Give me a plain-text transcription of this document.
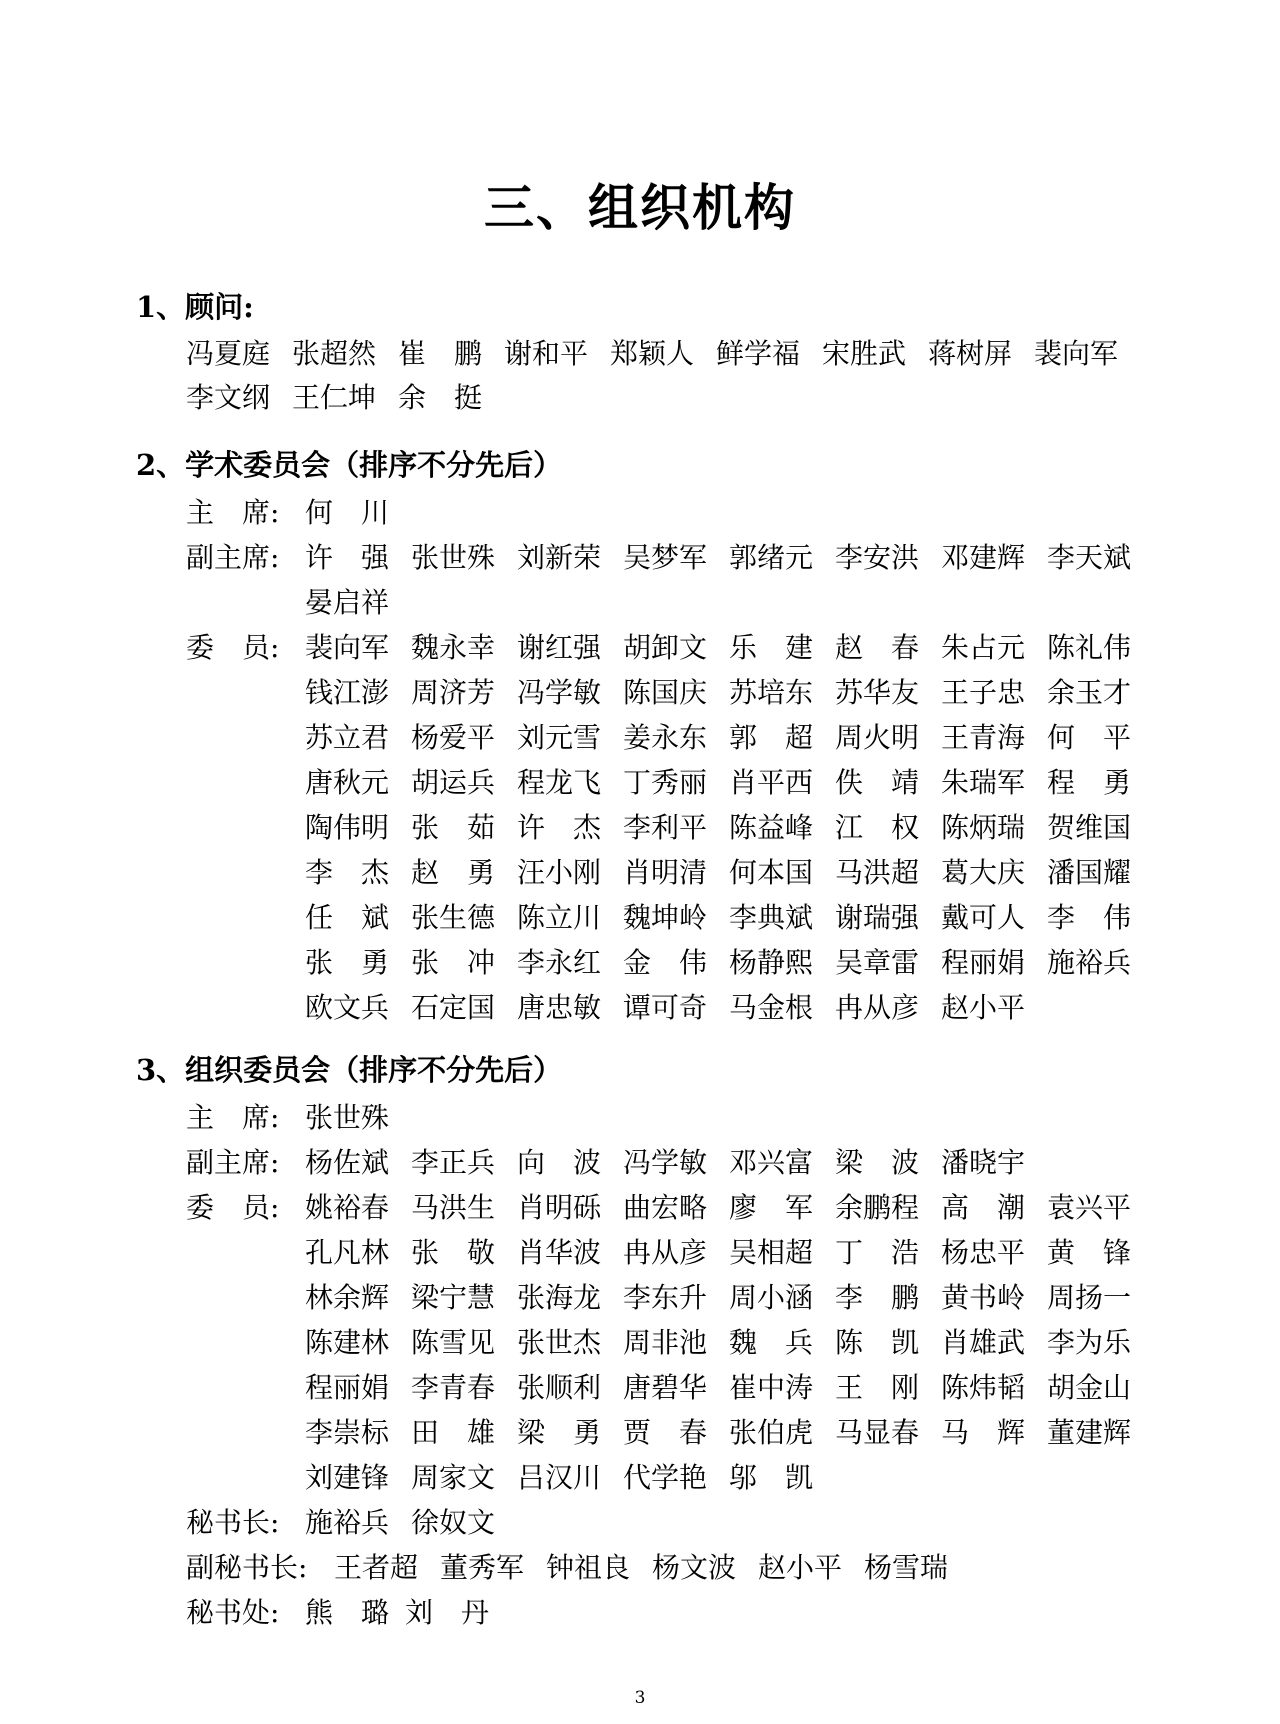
三、组织机构
1、顾问:
冯夏庭 张超然 崔　鹏 谢和平 郑颖人 鲜学福 宋胜武 蒋树屏 裴向军
李文纲 王仁坤 余　挺
2、学术委员会（排序不分先后）
主　席: 何　川
副主席: 许　强 张世殊 刘新荣 吴梦军 郭绪元 李安洪 邓建辉 李天斌
晏启祥
委　员: 裴向军 魏永幸 谢红强 胡卸文 乐　建 赵　春 朱占元 陈礼伟
钱江澎 周济芳 冯学敏 陈国庆 苏培东 苏华友 王子忠 余玉才
苏立君 杨爱平 刘元雪 姜永东 郭　超 周火明 王青海 何　平
唐秋元 胡运兵 程龙飞 丁秀丽 肖平西 佚　靖 朱瑞军 程　勇
陶伟明 张　茹 许　杰 李利平 陈益峰 江　权 陈炳瑞 贺维国
李　杰 赵　勇 汪小刚 肖明清 何本国 马洪超 葛大庆 潘国耀
任　斌 张生德 陈立川 魏坤岭 李典斌 谢瑞强 戴可人 李　伟
张　勇 张　冲 李永红 金　伟 杨静熙 吴章雷 程丽娟 施裕兵
欧文兵 石定国 唐忠敏 谭可奇 马金根 冉从彦 赵小平
3、组织委员会（排序不分先后）
主　席: 张世殊
副主席: 杨佐斌 李正兵 向　波 冯学敏 邓兴富 梁　波 潘晓宇
委　员: 姚裕春 马洪生 肖明砾 曲宏略 廖　军 余鹏程 高　潮 袁兴平
孔凡林 张　敬 肖华波 冉从彦 吴相超 丁　浩 杨忠平 黄　锋
林余辉 梁宁慧 张海龙 李东升 周小涵 李　鹏 黄书岭 周扬一
陈建林 陈雪见 张世杰 周非池 魏　兵 陈　凯 肖雄武 李为乐
程丽娟 李青春 张顺利 唐碧华 崔中涛 王　刚 陈炜韬 胡金山
李崇标 田　雄 梁　勇 贾　春 张伯虎 马显春 马　辉 董建辉
刘建锋 周家文 吕汉川 代学艳 邬　凯
秘书长: 施裕兵 徐奴文
副秘书长: 王者超 董秀军 钟祖良 杨文波 赵小平 杨雪瑞
秘书处: 熊　璐 刘　丹
3
